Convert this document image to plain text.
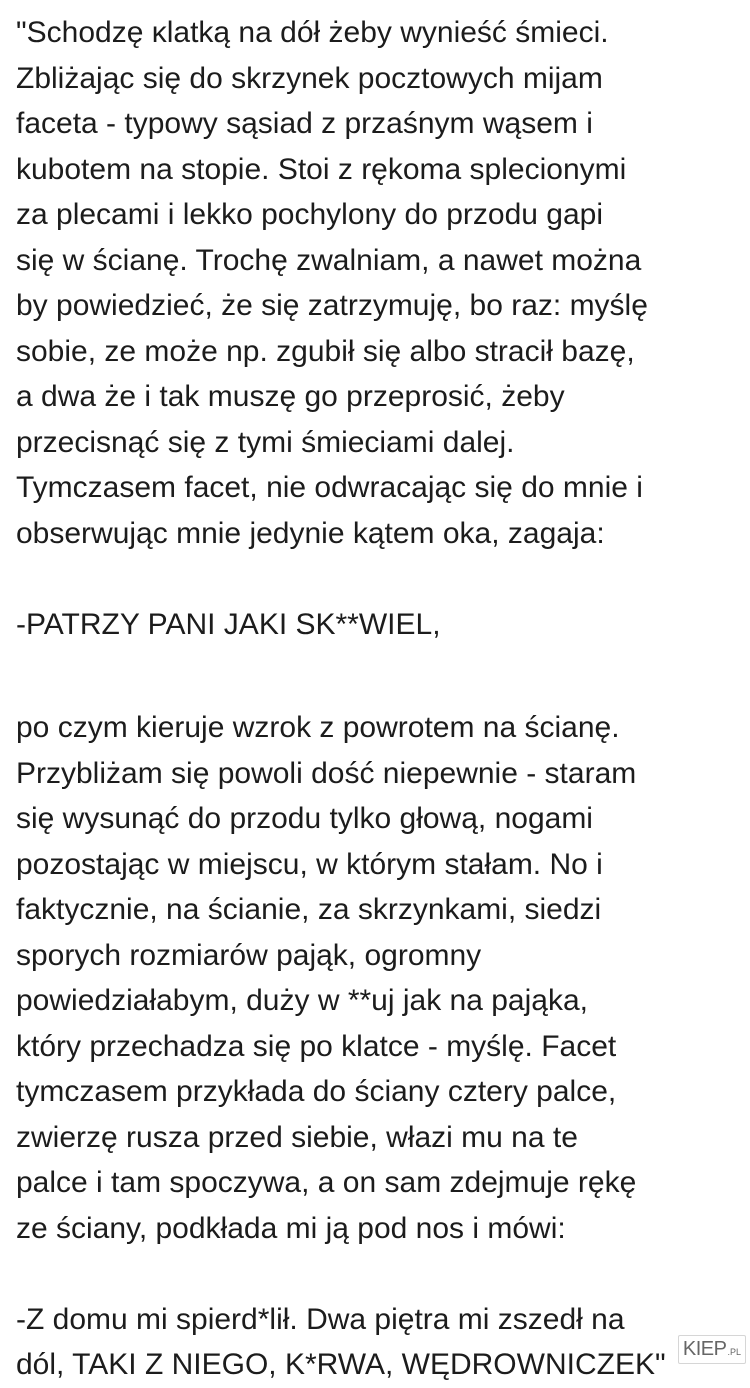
"Schodzę ĸlatką na dół żeby wynieść śmieci.
Zbliżając się do skrzynek pocztowych mijam
faceta - typowy sąsiad z przaśnym wąsem i
kubotem na stopie. Stoi z rękoma splecionymi
za plecami i lekko pochylony do przodu gapi
się w ścianę. Trochę zwalniam, a nawet można
by powiedzieć, że się zatrzymuję, bo raz: myślę
sobie, ze może np. zgubił się albo stracił bazę,
a dwa że i tak muszę go przeprosić, żeby
przecisnąć się z tymi śmieciami dalej.
Tymczasem facet, nie odwracając się do mnie i
obserwując mnie jedynie kątem oka, zagaja:
-PATRZY PANI JAKI SK**WIEL,
po czym kieruje wzrok z powrotem na ścianę.
Przybliżam się powoli dość niepewnie - staram
się wysunąć do przodu tylko głową, nogami
pozostając w miejscu, w którym stałam. No i
faktycznie, na ścianie, za skrzynkami, siedzi
sporych rozmiarów pająk, ogromny
powiedziałabym, duży w **uj jak na pająka,
który przechadza się po klatce - myślę. Facet
tymczasem przykłada do ściany cztery palce,
zwierzę rusza przed siebie, włazi mu na te
palce i tam spoczywa, a on sam zdejmuje rękę
ze ściany, podkłada mi ją pod nos i mówi:
-Z domu mi spierd*lił. Dwa piętra mi zszedł na
dól, TAKI Z NIEGO, K*RWA, WĘDROWNICZEK" KIEP .PL
